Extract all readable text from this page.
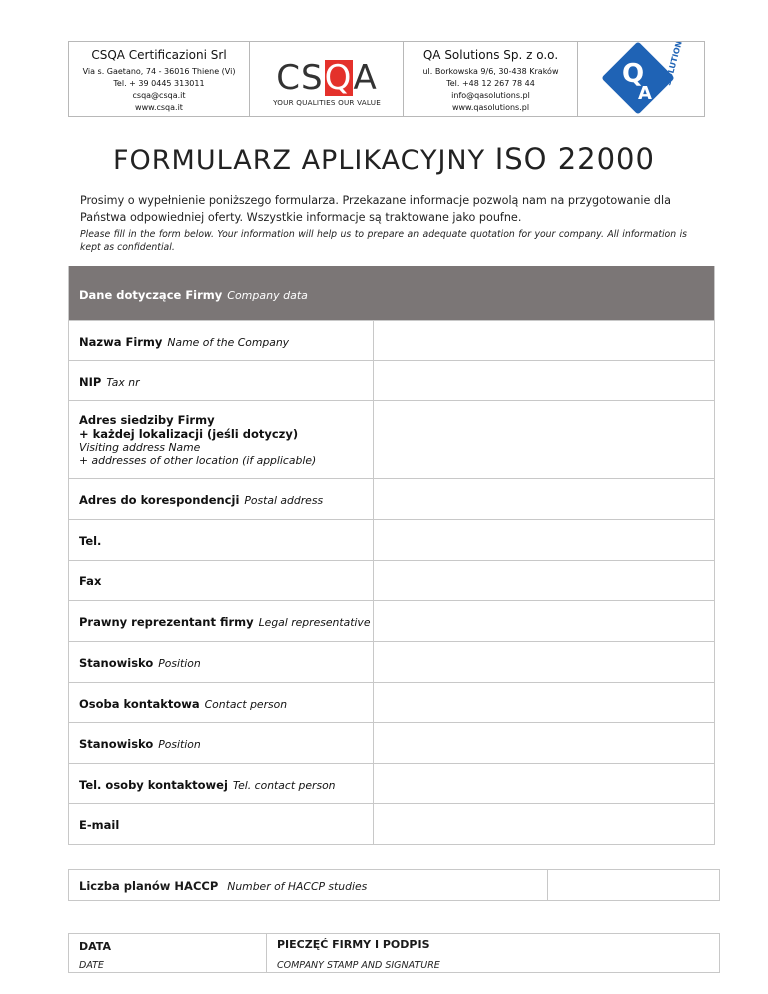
CSQA Certificazioni Srl
Via s. Gaetano, 74 - 36016 Thiene (Vi)
Tel. + 39 0445 313011
csqa@csqa.it
www.csqa.it
CS Q A
YOUR QUALITIES OUR VALUE
QA Solutions Sp. z o.o.
ul. Borkowska 9/6, 30-438 Kraków
Tel. +48 12 267 78 44
info@qasolutions.pl
www.qasolutions.pl
Q
A
SOLUTIONS
FORMULARZ APLIKACYJNY ISO 22000
Prosimy o wypełnienie poniższego formularza. Przekazane informacje pozwolą nam na przygotowanie dla Państwa odpowiedniej oferty. Wszystkie informacje są traktowane jako poufne.
Please fill in the form below. Your information will help us to prepare an adequate quotation for your company. All information is kept as confidential.
Dane dotyczące Firmy Company data
Nazwa Firmy Name of the Company
NIP Tax nr
Adres siedziby Firmy
+ każdej lokalizacji (jeśli dotyczy)
Visiting address Name
+ addresses of other location (if applicable)
Adres do korespondencji Postal address
Tel.
Fax
Prawny reprezentant firmy Legal representative
Stanowisko Position
Osoba kontaktowa Contact person
Stanowisko Position
Tel. osoby kontaktowej Tel. contact person
E-mail
Liczba planów HACCP Number of HACCP studies
DATA
DATE
PIECZĘĆ FIRMY I PODPIS
COMPANY STAMP AND SIGNATURE
